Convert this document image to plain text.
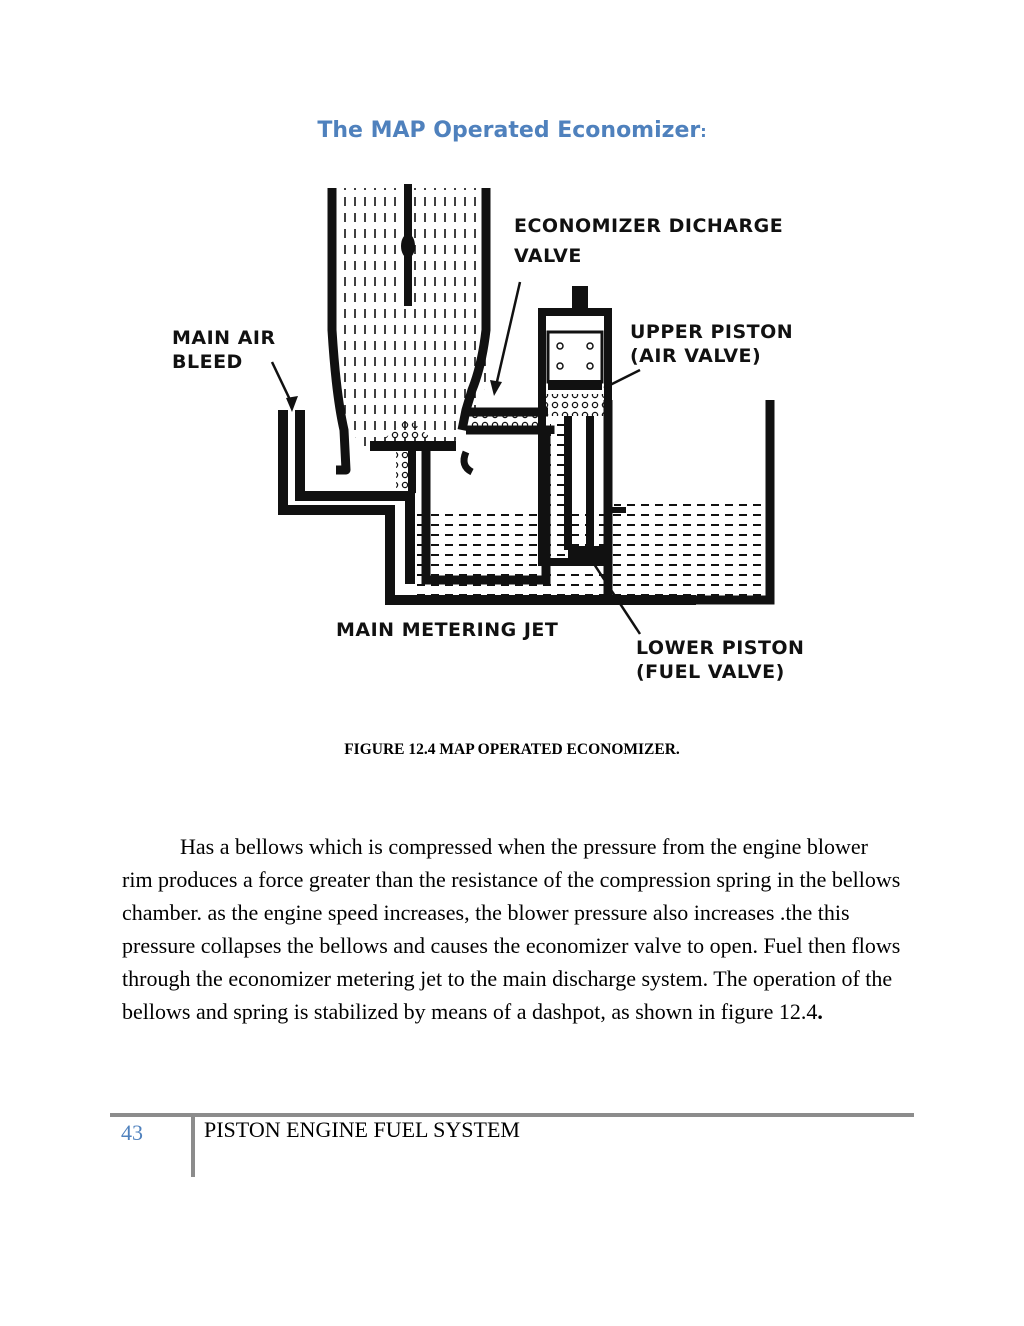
The MAP Operated Economizer:
ECONOMIZER DICHARGE
VALVE
MAIN AIR
BLEED
UPPER PISTON
(AIR VALVE)
MAIN METERING JET
LOWER PISTON
(FUEL VALVE)
FIGURE 12.4 MAP OPERATED ECONOMIZER.

Has a bellows which is compressed when the pressure from the engine blower rim produces a force greater than the resistance of the compression spring in the bellows chamber. as the engine speed increases, the blower pressure also increases .the this pressure collapses the bellows and causes the economizer valve to open. Fuel then flows through the economizer metering jet to the main discharge system. The operation of the bellows and spring is stabilized by means of a dashpot, as shown in figure 12.4.

43	PISTON ENGINE FUEL SYSTEM
